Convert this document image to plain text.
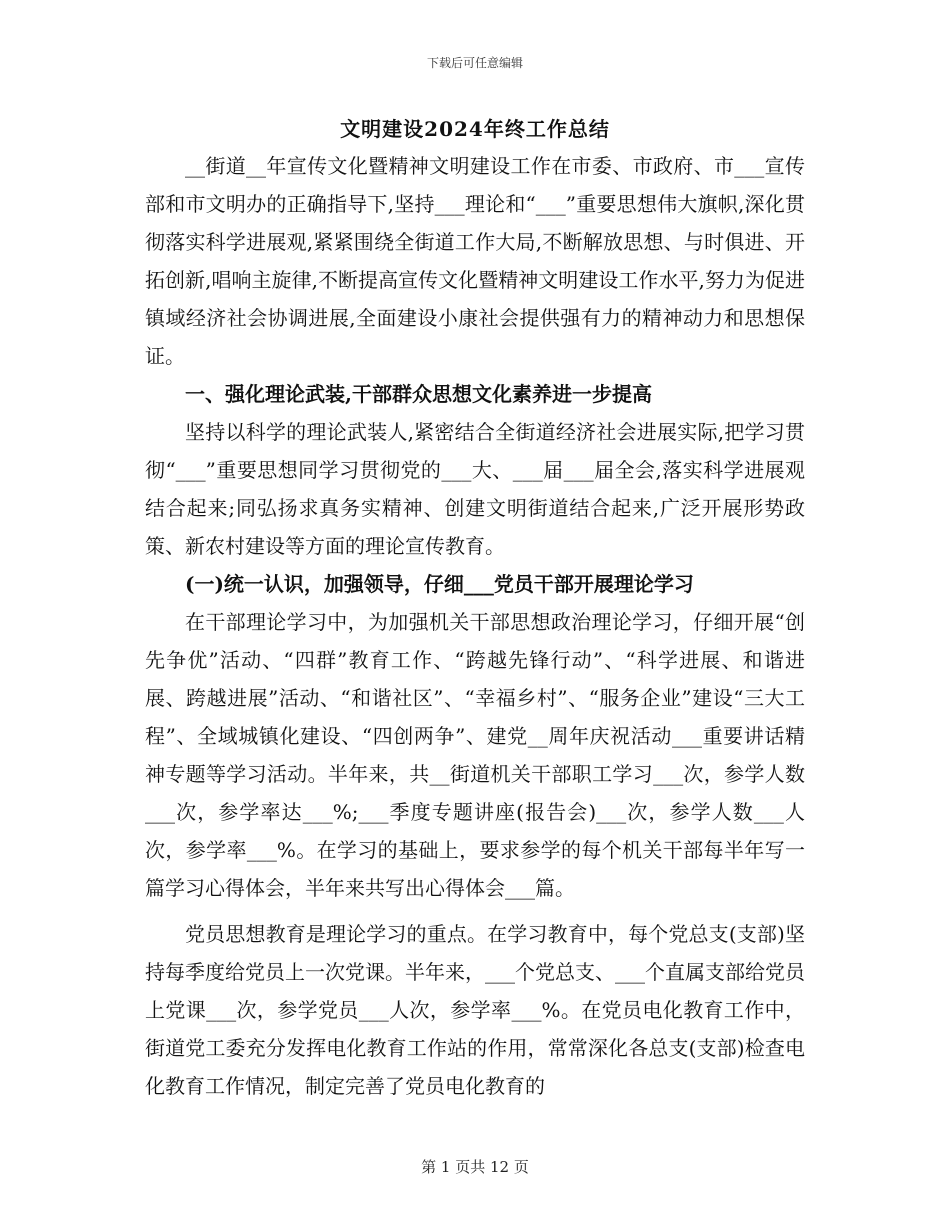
下载后可任意编辑
文明建设2024年终工作总结

__街道__年宣传文化暨精神文明建设工作在市委、市政府、市___宣传部和市文明办的正确指导下,坚持___理论和“___”重要思想伟大旗帜,深化贯彻落实科学进展观,紧紧围绕全街道工作大局,不断解放思想、与时俱进、开拓创新,唱响主旋律,不断提高宣传文化暨精神文明建设工作水平,努力为促进镇域经济社会协调进展,全面建设小康社会提供强有力的精神动力和思想保证。

一、强化理论武装,干部群众思想文化素养进一步提高

坚持以科学的理论武装人,紧密结合全街道经济社会进展实际,把学习贯彻“___”重要思想同学习贯彻党的___大、___届___届全会,落实科学进展观结合起来;同弘扬求真务实精神、创建文明街道结合起来,广泛开展形势政策、新农村建设等方面的理论宣传教育。

(一)统一认识，加强领导，仔细___党员干部开展理论学习

在干部理论学习中，为加强机关干部思想政治理论学习，仔细开展“创先争优”活动、“四群”教育工作、“跨越先锋行动”、“科学进展、和谐进展、跨越进展”活动、“和谐社区”、“幸福乡村”、“服务企业”建设“三大工程”、全域城镇化建设、“四创两争”、建党__周年庆祝活动___重要讲话精神专题等学习活动。半年来，共__街道机关干部职工学习___次，参学人数___次，参学率达___%;___季度专题讲座(报告会)___次，参学人数___人次，参学率___%。在学习的基础上，要求参学的每个机关干部每半年写一篇学习心得体会，半年来共写出心得体会___篇。

党员思想教育是理论学习的重点。在学习教育中，每个党总支(支部)坚持每季度给党员上一次党课。半年来，___个党总支、___个直属支部给党员上党课___次，参学党员___人次，参学率___%。在党员电化教育工作中，街道党工委充分发挥电化教育工作站的作用，常常深化各总支(支部)检查电化教育工作情况，制定完善了党员电化教育的

第 1 页共 12 页
